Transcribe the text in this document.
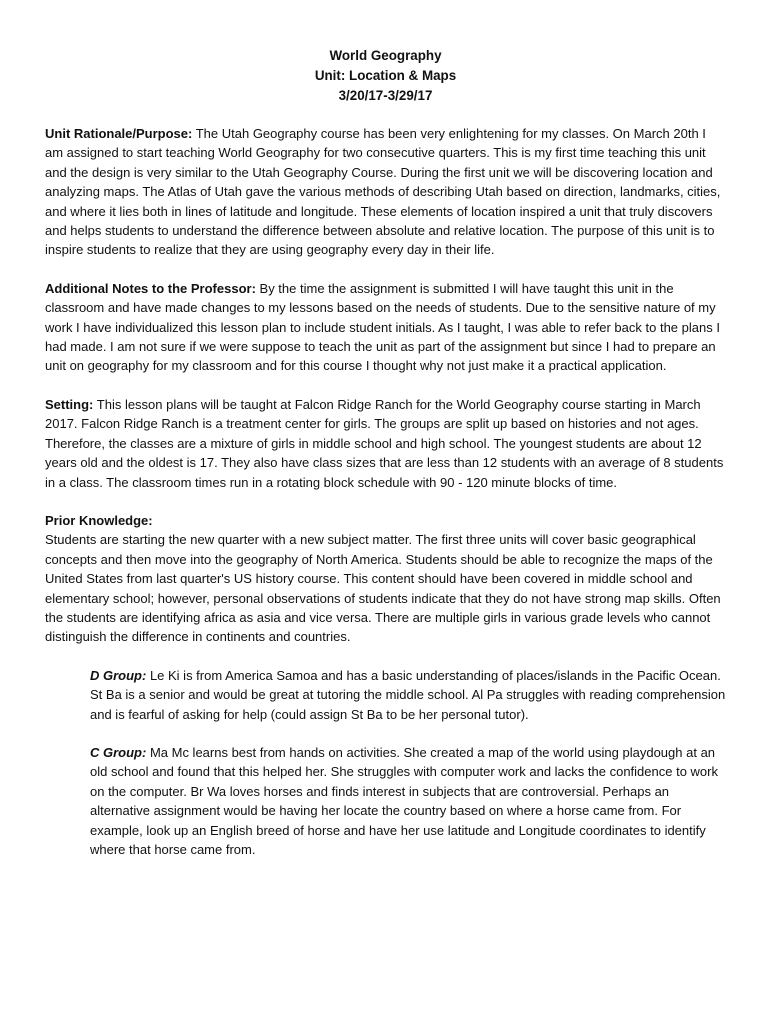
World Geography
Unit: Location & Maps
3/20/17-3/29/17

Unit Rationale/Purpose: The Utah Geography course has been very enlightening for my classes. On March 20th I am assigned to start teaching World Geography for two consecutive quarters. This is my first time teaching this unit and the design is very similar to the Utah Geography Course. During the first unit we will be discovering location and analyzing maps. The Atlas of Utah gave the various methods of describing Utah based on direction, landmarks, cities, and where it lies both in lines of latitude and longitude. These elements of location inspired a unit that truly discovers and helps students to understand the difference between absolute and relative location. The purpose of this unit is to inspire students to realize that they are using geography every day in their life.

Additional Notes to the Professor: By the time the assignment is submitted I will have taught this unit in the classroom and have made changes to my lessons based on the needs of students. Due to the sensitive nature of my work I have individualized this lesson plan to include student initials. As I taught, I was able to refer back to the plans I had made. I am not sure if we were suppose to teach the unit as part of the assignment but since I had to prepare an unit on geography for my classroom and for this course I thought why not just make it a practical application.

Setting: This lesson plans will be taught at Falcon Ridge Ranch for the World Geography course starting in March 2017. Falcon Ridge Ranch is a treatment center for girls. The groups are split up based on histories and not ages. Therefore, the classes are a mixture of girls in middle school and high school. The youngest students are about 12 years old and the oldest is 17. They also have class sizes that are less than 12 students with an average of 8 students in a class. The classroom times run in a rotating block schedule with 90 - 120 minute blocks of time.

Prior Knowledge:
Students are starting the new quarter with a new subject matter. The first three units will cover basic geographical concepts and then move into the geography of North America. Students should be able to recognize the maps of the United States from last quarter's US history course. This content should have been covered in middle school and elementary school; however, personal observations of students indicate that they do not have strong map skills. Often the students are identifying africa as asia and vice versa. There are multiple girls in various grade levels who cannot distinguish the difference in continents and countries.

D Group: Le Ki is from America Samoa and has a basic understanding of places/islands in the Pacific Ocean. St Ba is a senior and would be great at tutoring the middle school. Al Pa struggles with reading comprehension and is fearful of asking for help (could assign St Ba to be her personal tutor).

C Group: Ma Mc learns best from hands on activities. She created a map of the world using playdough at an old school and found that this helped her. She struggles with computer work and lacks the confidence to work on the computer. Br Wa loves horses and finds interest in subjects that are controversial. Perhaps an alternative assignment would be having her locate the country based on where a horse came from. For example, look up an English breed of horse and have her use latitude and Longitude coordinates to identify where that horse came from.
